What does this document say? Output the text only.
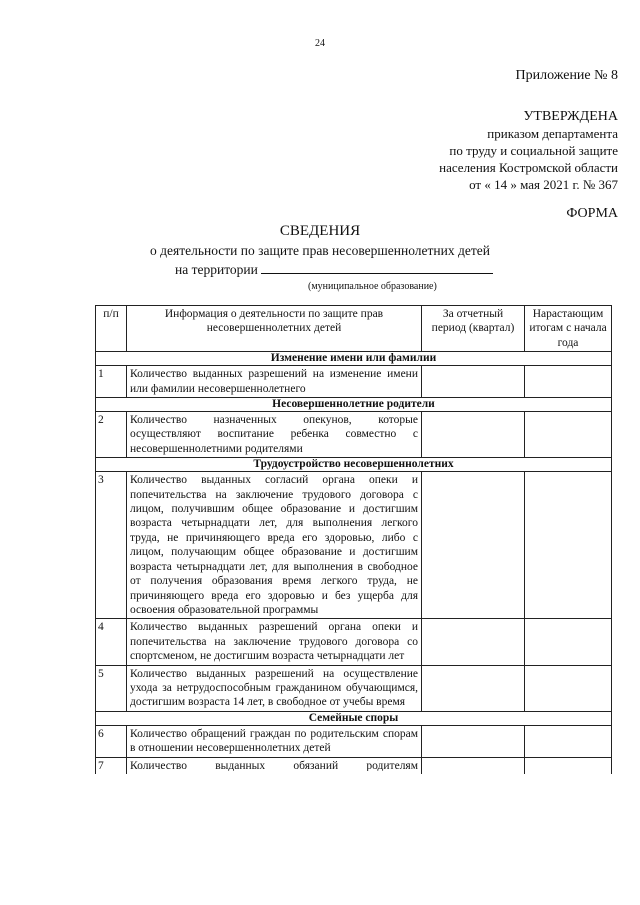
24
Приложение № 8
УТВЕРЖДЕНА
приказом департамента
по труду и социальной защите
населения Костромской области
от « 14 » мая 2021 г. № 367
ФОРМА
СВЕДЕНИЯ
о деятельности по защите прав несовершеннолетних детей
на территории
(муниципальное образование)
п/п	Информация о деятельности по защите прав несовершеннолетних детей	За отчетный период (квартал)	Нарастающим итогам с начала года
Изменение имени или фамилии			
1	Количество выданных разрешений на изменение имени или фамилии несовершеннолетнего		
Несовершеннолетние родители			
2	Количество назначенных опекунов, которые осуществляют воспитание ребенка совместно с несовершеннолетними родителями		
Трудоустройство несовершеннолетних			
3	Количество выданных согласий органа опеки и попечительства на заключение трудового договора с лицом, получившим общее образование и достигшим возраста четырнадцати лет, для выполнения легкого труда, не причиняющего вреда его здоровью, либо с лицом, получающим общее образование и достигшим возраста четырнадцати лет, для выполнения в свободное от получения образования время легкого труда, не причиняющего вреда его здоровью и без ущерба для освоения образовательной программы		
4	Количество выданных разрешений органа опеки и попечительства на заключение трудового договора со спортсменом, не достигшим возраста четырнадцати лет		
5	Количество выданных разрешений на осуществление ухода за нетрудоспособным гражданином обучающимся, достигшим возраста 14 лет, в свободное от учебы время		
Семейные споры			
6	Количество обращений граждан по родительским спорам в отношении несовершеннолетних детей		
7	Количество выданных обязаний родителям		
